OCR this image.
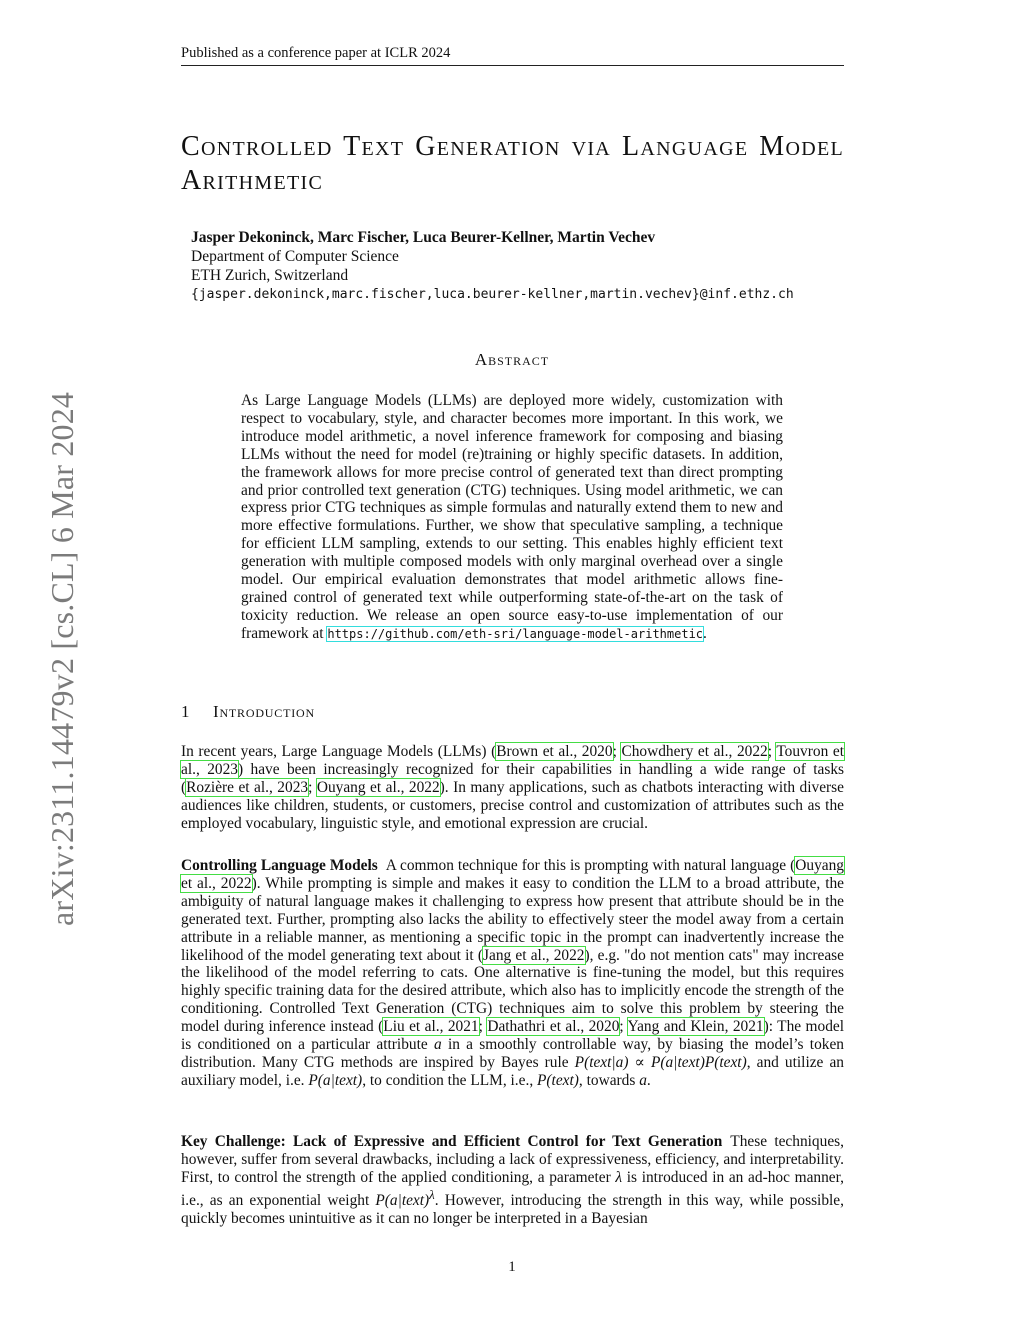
Published as a conference paper at ICLR 2024
arXiv:2311.14479v2 [cs.CL] 6 Mar 2024
Controlled Text Generation via Language Model Arithmetic
Jasper Dekoninck, Marc Fischer, Luca Beurer-Kellner, Martin Vechev
Department of Computer Science
ETH Zurich, Switzerland
{jasper.dekoninck,marc.fischer,luca.beurer-kellner,martin.vechev}@inf.ethz.ch
Abstract
As Large Language Models (LLMs) are deployed more widely, customization with respect to vocabulary, style, and character becomes more important. In this work, we introduce model arithmetic, a novel inference framework for composing and biasing LLMs without the need for model (re)training or highly specific datasets. In addition, the framework allows for more precise control of generated text than direct prompting and prior controlled text generation (CTG) techniques. Using model arithmetic, we can express prior CTG techniques as simple formulas and naturally extend them to new and more effective formulations. Further, we show that speculative sampling, a technique for efficient LLM sampling, extends to our setting. This enables highly efficient text generation with multiple composed models with only marginal overhead over a single model. Our empirical evaluation demonstrates that model arithmetic allows fine-grained control of generated text while outperforming state-of-the-art on the task of toxicity reduction. We release an open source easy-to-use implementation of our framework at https://github.com/eth-sri/language-model-arithmetic.
1 Introduction
In recent years, Large Language Models (LLMs) (Brown et al., 2020; Chowdhery et al., 2022; Touvron et al., 2023) have been increasingly recognized for their capabilities in handling a wide range of tasks (Rozière et al., 2023; Ouyang et al., 2022). In many applications, such as chatbots interacting with diverse audiences like children, students, or customers, precise control and customization of attributes such as the employed vocabulary, linguistic style, and emotional expression are crucial.
Controlling Language Models A common technique for this is prompting with natural language (Ouyang et al., 2022). While prompting is simple and makes it easy to condition the LLM to a broad attribute, the ambiguity of natural language makes it challenging to express how present that attribute should be in the generated text. Further, prompting also lacks the ability to effectively steer the model away from a certain attribute in a reliable manner, as mentioning a specific topic in the prompt can inadvertently increase the likelihood of the model generating text about it (Jang et al., 2022), e.g. "do not mention cats" may increase the likelihood of the model referring to cats. One alternative is fine-tuning the model, but this requires highly specific training data for the desired attribute, which also has to implicitly encode the strength of the conditioning. Controlled Text Generation (CTG) techniques aim to solve this problem by steering the model during inference instead (Liu et al., 2021; Dathathri et al., 2020; Yang and Klein, 2021): The model is conditioned on a particular attribute a in a smoothly controllable way, by biasing the model’s token distribution. Many CTG methods are inspired by Bayes rule P(text|a) ∝ P(a|text)P(text), and utilize an auxiliary model, i.e. P(a|text), to condition the LLM, i.e., P(text), towards a.
Key Challenge: Lack of Expressive and Efficient Control for Text Generation These techniques, however, suffer from several drawbacks, including a lack of expressiveness, efficiency, and interpretability. First, to control the strength of the applied conditioning, a parameter λ is introduced in an ad-hoc manner, i.e., as an exponential weight P(a|text)$^\lambda$. However, introducing the strength in this way, while possible, quickly becomes unintuitive as it can no longer be interpreted in a Bayesian
1
